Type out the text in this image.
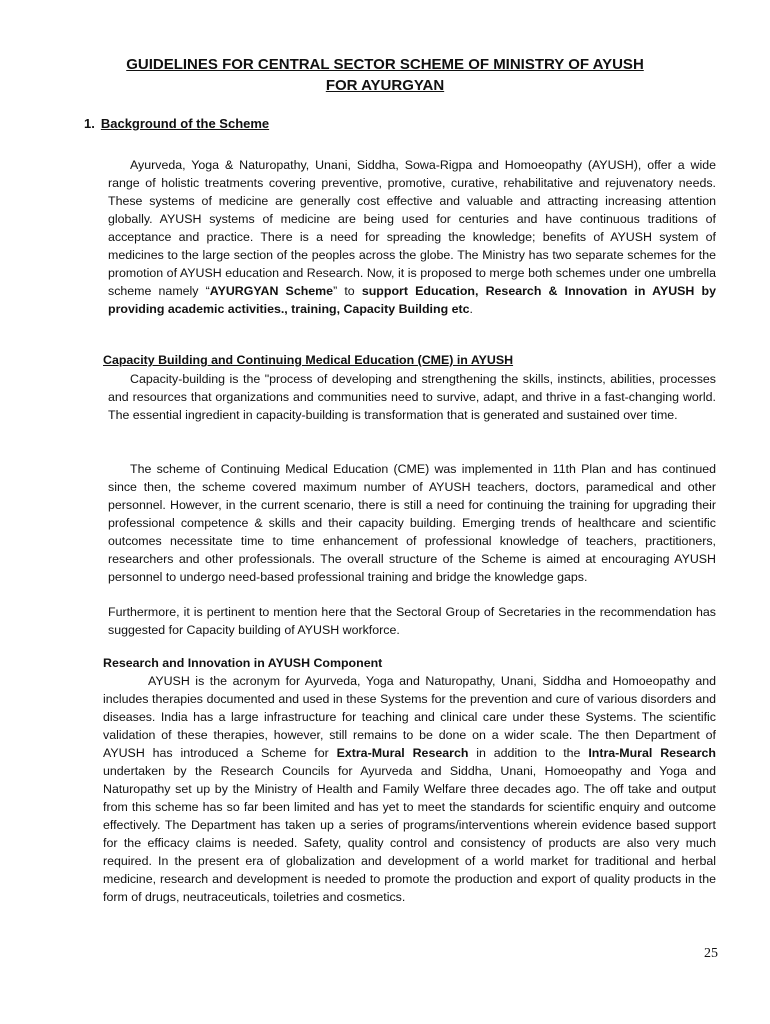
GUIDELINES FOR CENTRAL SECTOR SCHEME OF MINISTRY OF AYUSH
FOR AYURGYAN
1. Background of the Scheme

Ayurveda, Yoga & Naturopathy, Unani, Siddha, Sowa-Rigpa and Homoeopathy (AYUSH), offer a wide range of holistic treatments covering preventive, promotive, curative, rehabilitative and rejuvenatory needs. These systems of medicine are generally cost effective and valuable and attracting increasing attention globally. AYUSH systems of medicine are being used for centuries and have continuous traditions of acceptance and practice. There is a need for spreading the knowledge; benefits of AYUSH system of medicines to the large section of the peoples across the globe. The Ministry has two separate schemes for the promotion of AYUSH education and Research. Now, it is proposed to merge both schemes under one umbrella scheme namely “AYURGYAN Scheme” to support Education, Research & Innovation in AYUSH by providing academic activities., training, Capacity Building etc.

Capacity Building and Continuing Medical Education (CME) in AYUSH

Capacity-building is the "process of developing and strengthening the skills, instincts, abilities, processes and resources that organizations and communities need to survive, adapt, and thrive in a fast-changing world. The essential ingredient in capacity-building is transformation that is generated and sustained over time.

The scheme of Continuing Medical Education (CME) was implemented in 11th Plan and has continued since then, the scheme covered maximum number of AYUSH teachers, doctors, paramedical and other personnel. However, in the current scenario, there is still a need for continuing the training for upgrading their professional competence & skills and their capacity building. Emerging trends of healthcare and scientific outcomes necessitate time to time enhancement of professional knowledge of teachers, practitioners, researchers and other professionals. The overall structure of the Scheme is aimed at encouraging AYUSH personnel to undergo need-based professional training and bridge the knowledge gaps.

Furthermore, it is pertinent to mention here that the Sectoral Group of Secretaries in the recommendation has suggested for Capacity building of AYUSH workforce.

Research and Innovation in AYUSH Component

AYUSH is the acronym for Ayurveda, Yoga and Naturopathy, Unani, Siddha and Homoeopathy and includes therapies documented and used in these Systems for the prevention and cure of various disorders and diseases. India has a large infrastructure for teaching and clinical care under these Systems. The scientific validation of these therapies, however, still remains to be done on a wider scale. The then Department of AYUSH has introduced a Scheme for Extra-Mural Research in addition to the Intra-Mural Research undertaken by the Research Councils for Ayurveda and Siddha, Unani, Homoeopathy and Yoga and Naturopathy set up by the Ministry of Health and Family Welfare three decades ago. The off take and output from this scheme has so far been limited and has yet to meet the standards for scientific enquiry and outcome effectively. The Department has taken up a series of programs/interventions wherein evidence based support for the efficacy claims is needed. Safety, quality control and consistency of products are also very much required. In the present era of globalization and development of a world market for traditional and herbal medicine, research and development is needed to promote the production and export of quality products in the form of drugs, neutraceuticals, toiletries and cosmetics.

25
